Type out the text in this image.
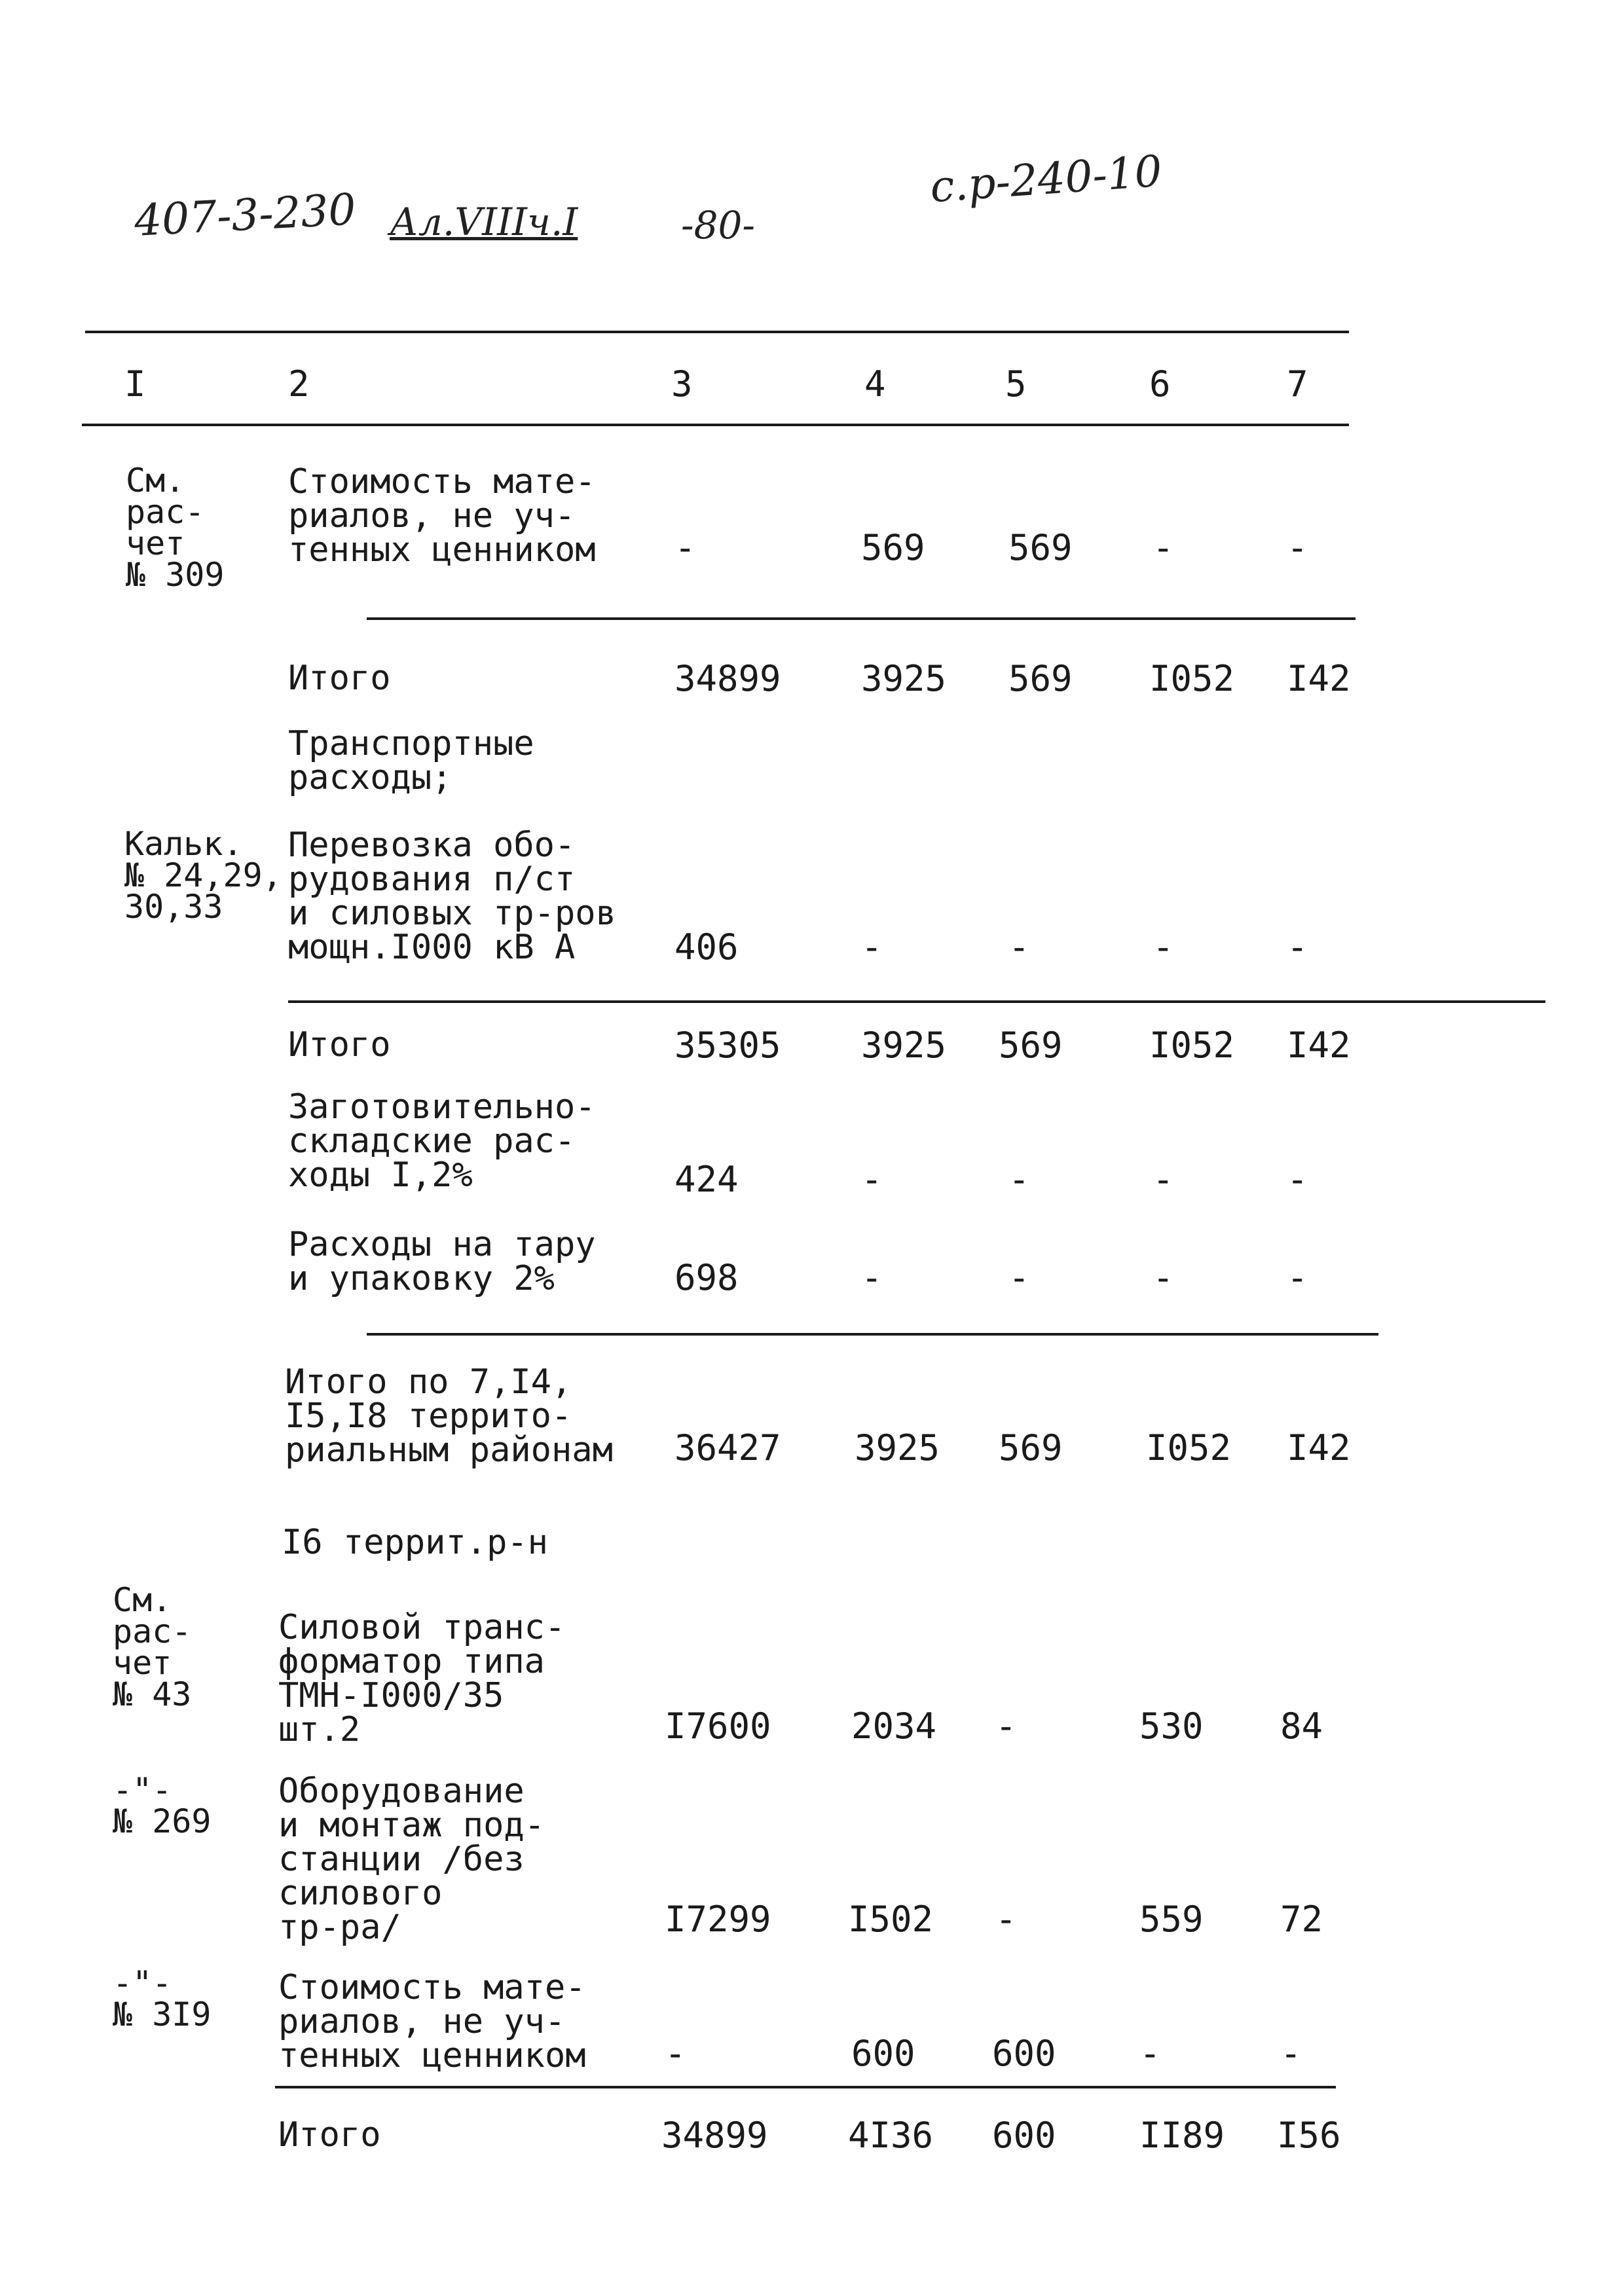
407-3-230 Ал.VIIIч.I	-80-
c.p-240-10
I	2	3	4	5	6	7
См.
рас-
чет
№ 309
Стоимость мате-
риалов, не уч-
тенных ценником -	569 569 -	-
Итого	34899 3925 569 I052 I42
Транспортные
расходы;
Кальк.
№ 24,29,
30,33
Перевозка обо-
рудования п/ст
и силовых тр-ров
мощн.I000 кВ А	406	-	-	-	-
Итого	35305 3925 569 I052 I42
Заготовительно-
складские рас-
ходы I,2%	424	-	-	-	-
Расходы на тару
и упаковку 2%	698	-	-	-	-
Итого по 7,I4,
I5,I8 террито-
риальным районам 36427 3925 569 I052 I42
I6 террит.р-н
См.
рас-
чет
№ 43
Силовой транс-
форматор типа
ТМН-I000/35
шт.2	I7600 2034 -	530 84
-"-
№ 269
Оборудование
и монтаж под-
станции /без
силового
тр-ра/	I7299 I502 -	559 72
-"-
№ 3I9
Стоимость мате-
риалов, не уч-
тенных ценником -	600 600 -	-
Итого	34899 4I36 600 II89 I56
